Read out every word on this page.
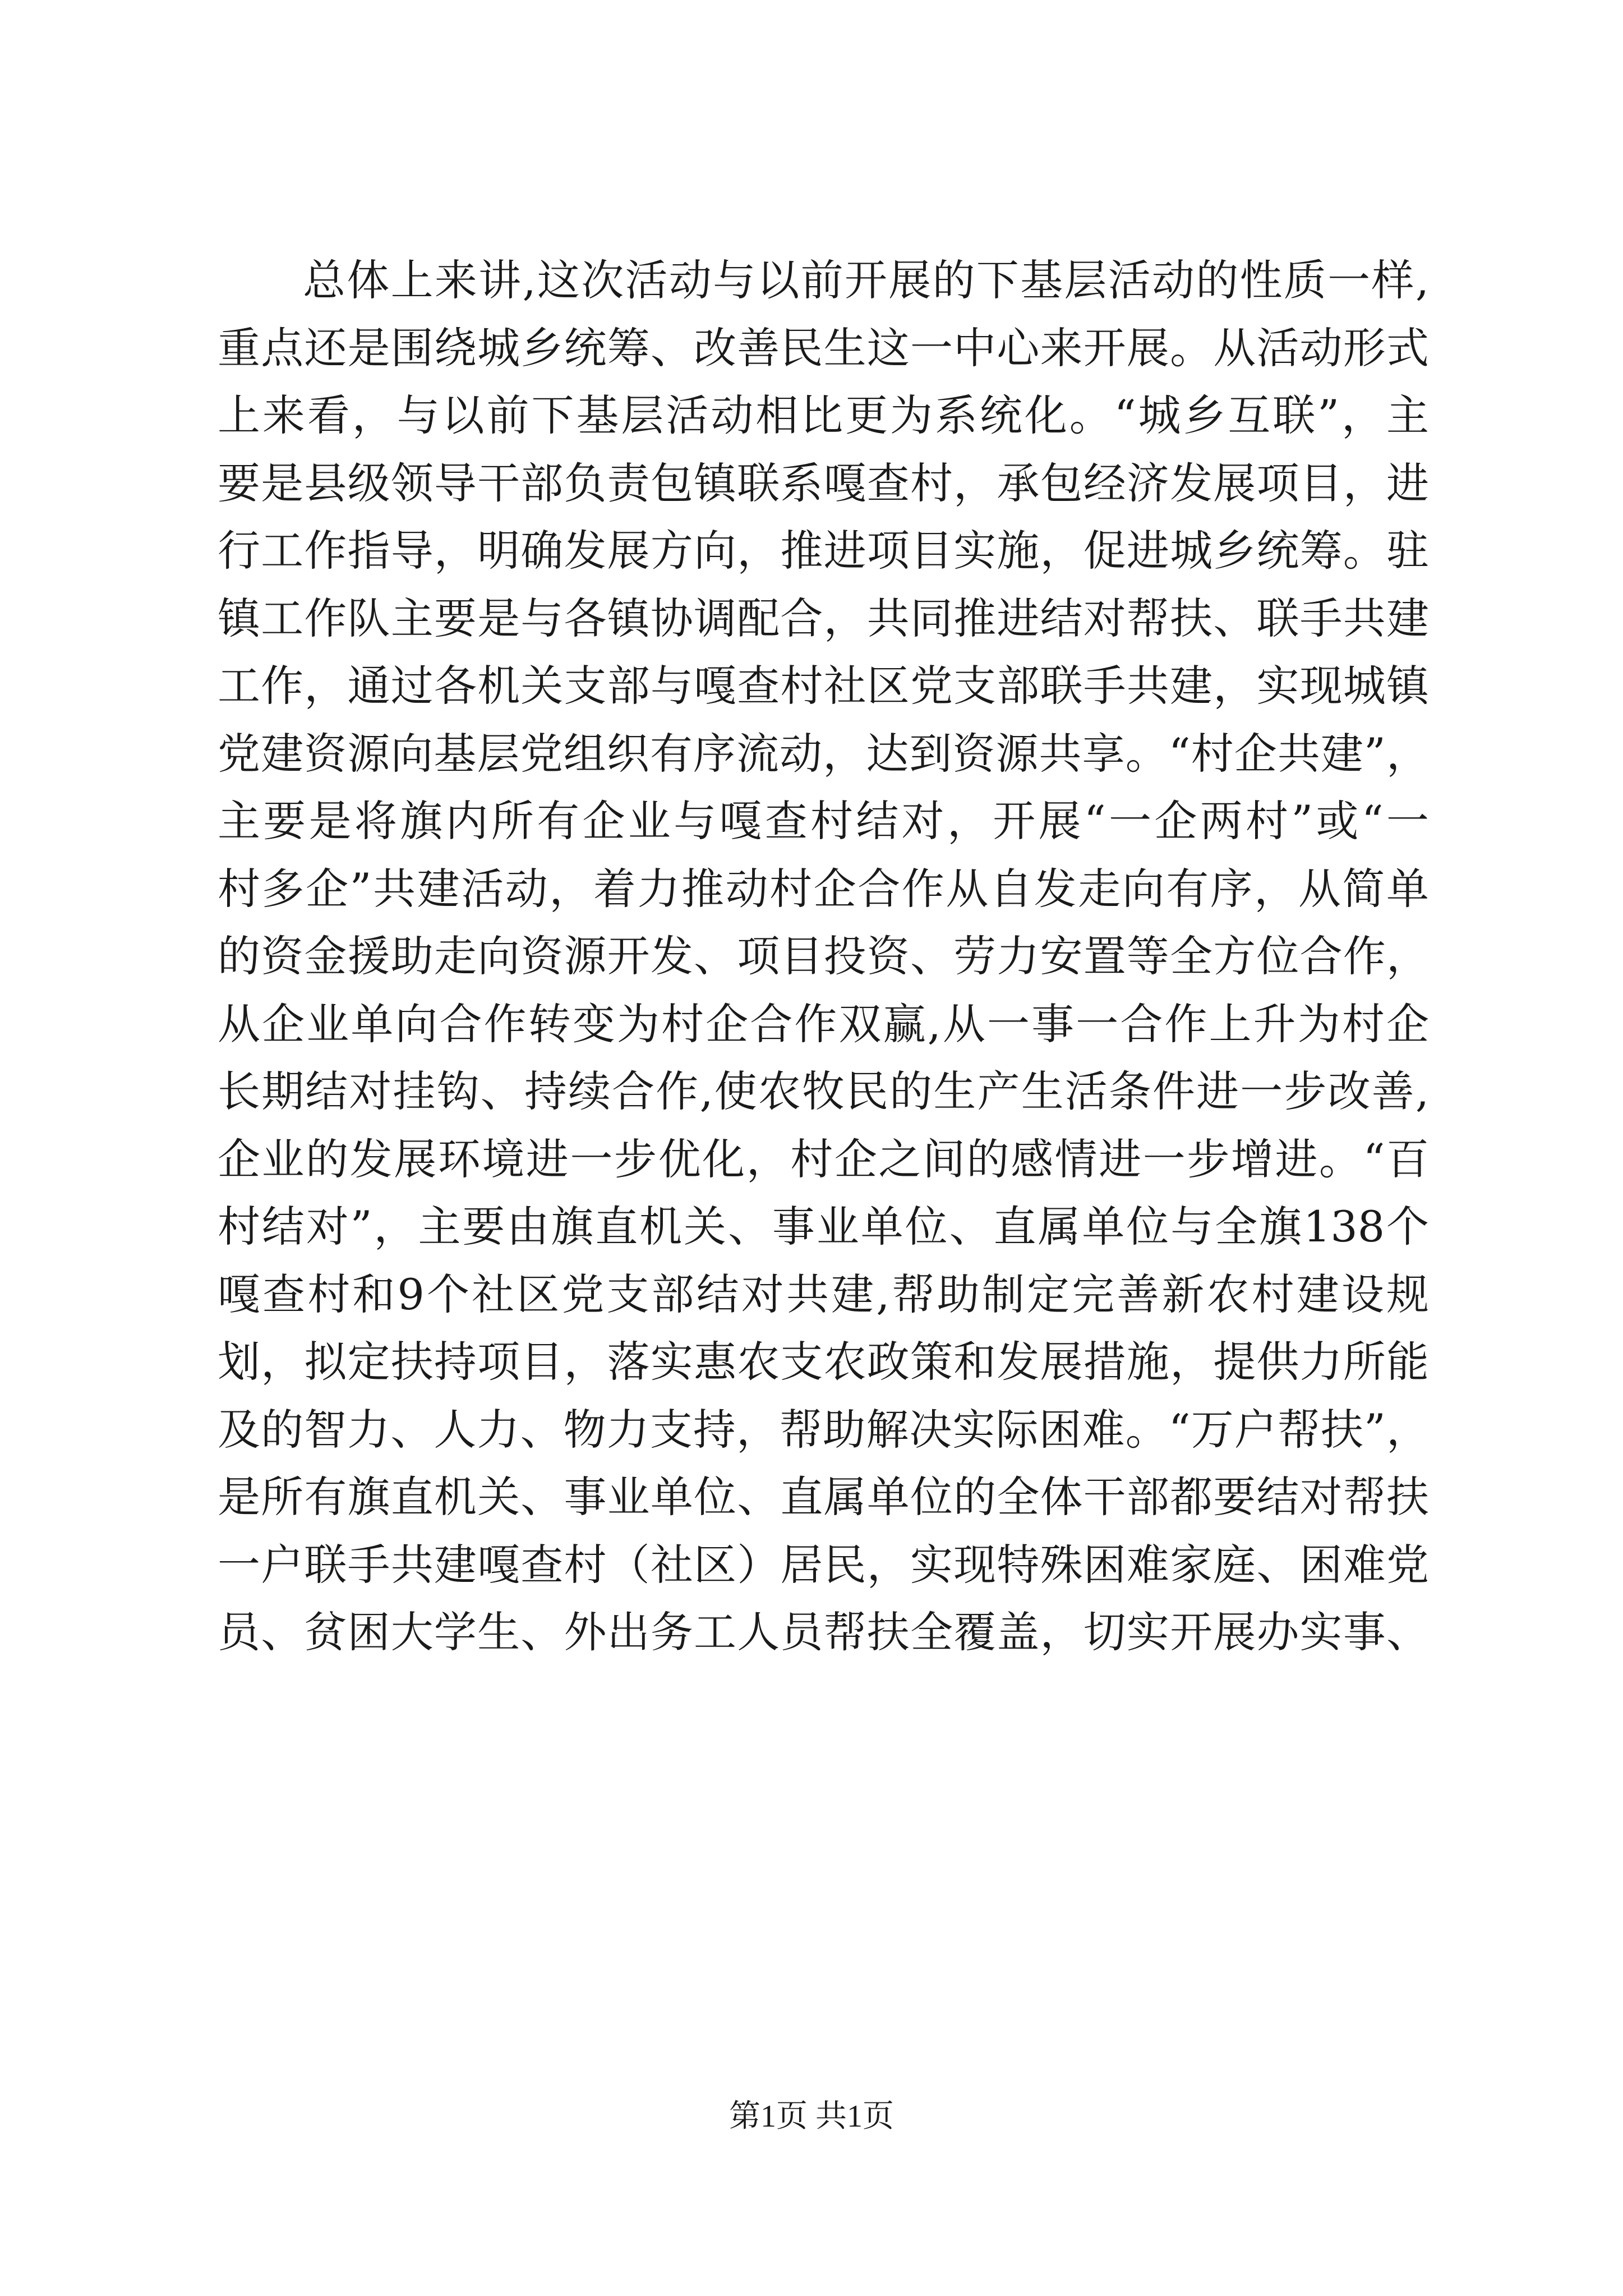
总体上来讲,这次活动与以前开展的下基层活动的性质一样,
重点还是围绕城乡统筹、改善民生这一中心来开展。从活动形式
上来看，与以前下基层活动相比更为系统化。“城乡互联”，主
要是县级领导干部负责包镇联系嘎查村，承包经济发展项目，进
行工作指导，明确发展方向，推进项目实施，促进城乡统筹。驻
镇工作队主要是与各镇协调配合，共同推进结对帮扶、联手共建
工作，通过各机关支部与嘎查村社区党支部联手共建，实现城镇
党建资源向基层党组织有序流动，达到资源共享。“村企共建”，
主要是将旗内所有企业与嘎查村结对，开展“一企两村”或“一
村多企”共建活动，着力推动村企合作从自发走向有序，从简单
的资金援助走向资源开发、项目投资、劳力安置等全方位合作，
从企业单向合作转变为村企合作双赢,从一事一合作上升为村企
长期结对挂钩、持续合作,使农牧民的生产生活条件进一步改善,
企业的发展环境进一步优化，村企之间的感情进一步增进。“百
村结对”，主要由旗直机关、事业单位、直属单位与全旗138个
嘎查村和9个社区党支部结对共建,帮助制定完善新农村建设规
划，拟定扶持项目，落实惠农支农政策和发展措施，提供力所能
及的智力、人力、物力支持，帮助解决实际困难。“万户帮扶”，
是所有旗直机关、事业单位、直属单位的全体干部都要结对帮扶
一户联手共建嘎查村（社区）居民，实现特殊困难家庭、困难党
员、贫困大学生、外出务工人员帮扶全覆盖，切实开展办实事、
第1页 共1页
